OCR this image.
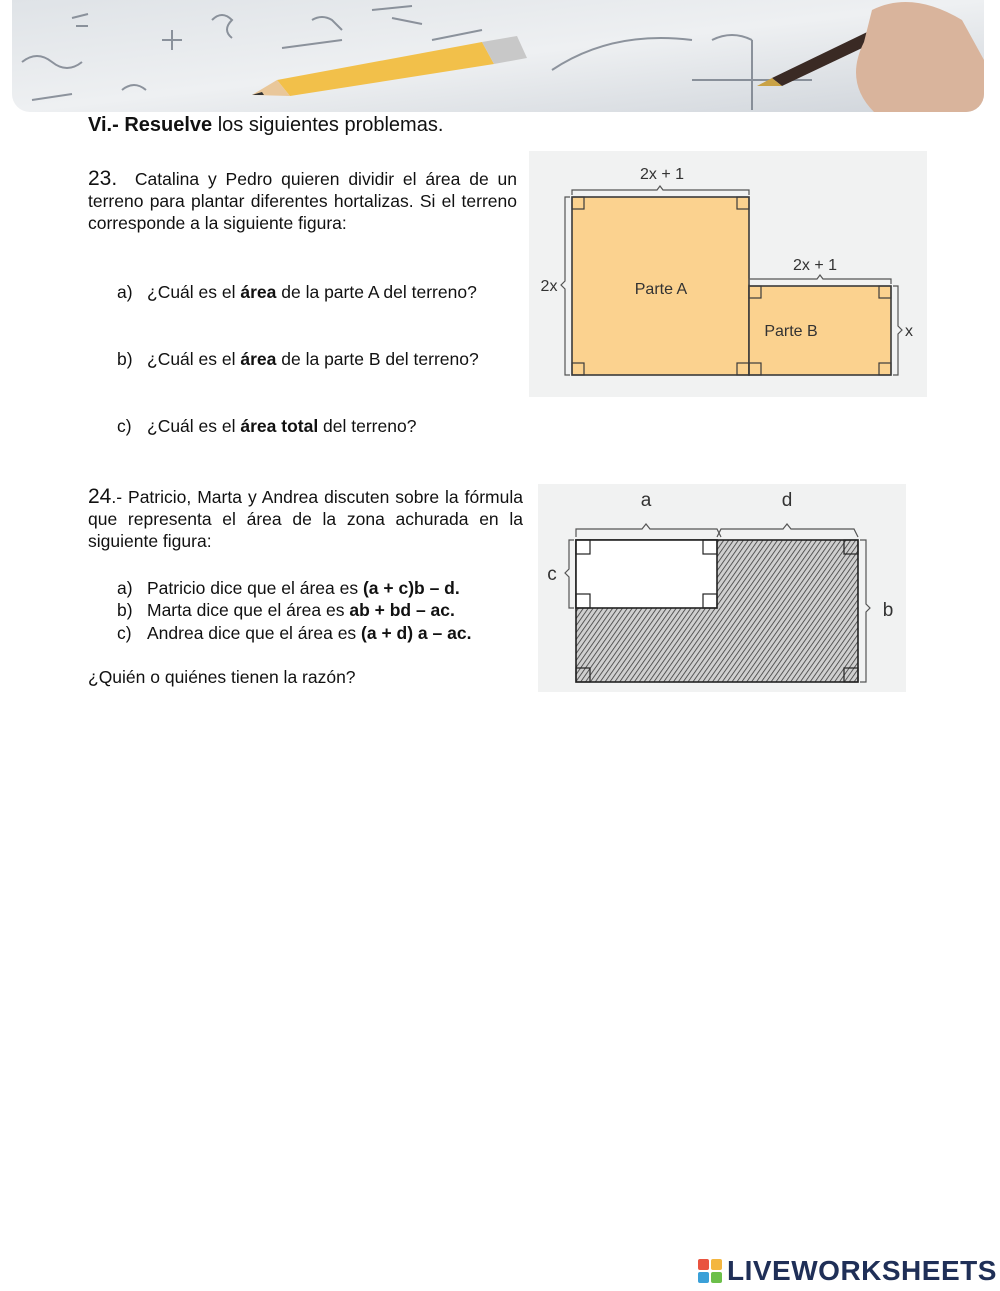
Vi.- Resuelve los siguientes problemas.
23. Catalina y Pedro quieren dividir el área de un terreno para plantar diferentes hortalizas. Si el terreno corresponde a la siguiente figura:
a) ¿Cuál es el área de la parte A del terreno?
b) ¿Cuál es el área de la parte B del terreno?
c) ¿Cuál es el área total del terreno?
2x + 1
2x + 1
2x
x
Parte A
Parte B
24.- Patricio, Marta y Andrea discuten sobre la fórmula que representa el área de la zona achurada en la siguiente figura:
a) Patricio dice que el área es (a + c)b – d.
b) Marta dice que el área es ab + bd – ac.
c) Andrea dice que el área es (a + d) a – ac.
¿Quién o quiénes tienen la razón?
a	d
c
b
LIVEWORKSHEETS
